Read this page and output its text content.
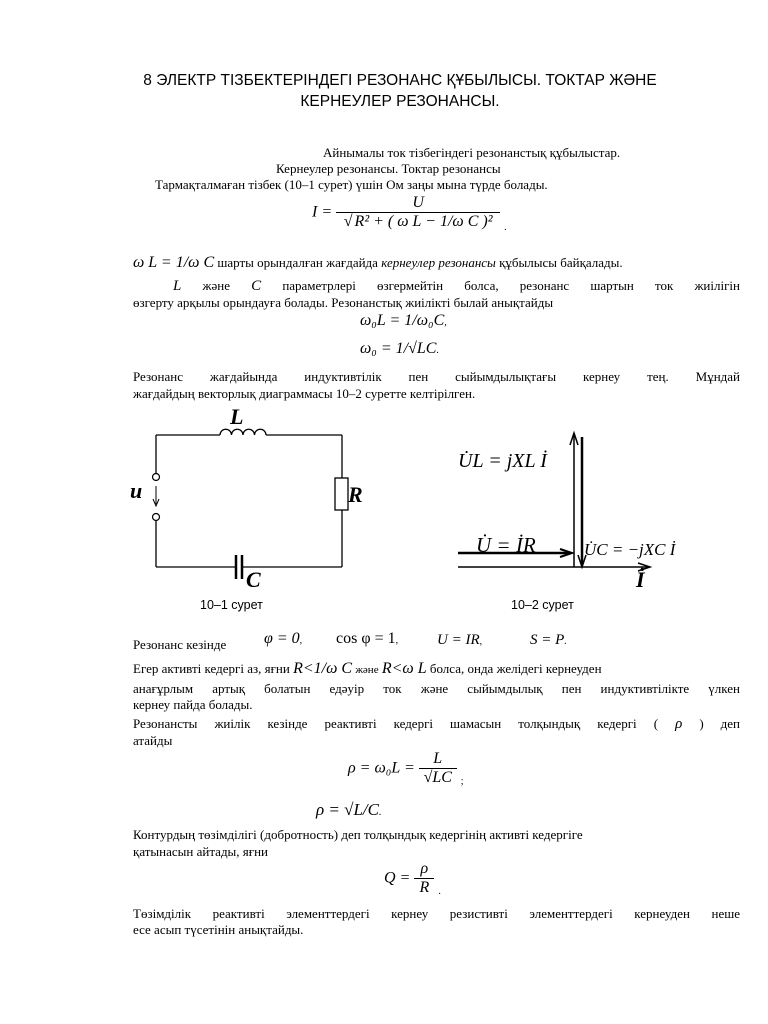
8 ЭЛЕКТР ТІЗБЕКТЕРІНДЕГІ РЕЗОНАНС ҚҰБЫЛЫСЫ. ТОКТАР ЖӘНЕ
КЕРНЕУЛЕР РЕЗОНАНСЫ.
Айнымалы ток тізбегіндегі резонанстық құбылыстар.
Кернеулер резонансы. Токтар резонансы
Тармақталмаған тізбек (10–1 сурет) үшін Ом заңы мына түрде болады.
$I = \frac{U}{\text{√ R² + ( ω L − 1/ω C )²}} _.$
ω L = 1/ω C шарты орындалған жағдайда кернеулер резонансы құбылысы байқалады.
L және C параметрлері өзгермейтін болса, резонанс шартын ток жиілігін
өзгерту арқылы орындауға болады. Резонанстық жиілікті былай анықтайды
ω₀L = 1/ω₀C,
ω₀ = 1/√LC.
Резонанс жағдайында индуктивтілік пен сыйымдылықтағы кернеу тең. Мұндай
жағдайдың векторлық диаграммасы 10–2 суретте келтірілген.
L
R
C
u
10–1 сурет
U̇L = jXL İ
U̇ = İR	U̇C = −jXC İ
İ
10–2 сурет
Резонанс кезінде φ = 0, cos φ = 1,	U = IR,	S = P.
Егер активті кедергі аз, яғни R<1/ω C және R<ω L болса, онда желідегі кернеуден
анағұрлым артық болатын едәуір ток және сыйымдылық пен индуктивтілікте үлкен
кернеу пайда болады.
Резонансты жиілік кезінде реактивті кедергі шамасын толқындық кедергі ( ρ ) деп
атайды
$\rho = \omega_0L = \frac{L}{√LC} _;$
ρ = √L/C.
Контурдың төзімділігі (добротность) деп толқындық кедергінің активті кедергіге
қатынасын айтады, яғни
$Q = \frac{\rho}{R} _.$
Төзімділік реактивті элементтердегі кернеу резистивті элементтердегі кернеуден неше
есе асып түсетінін анықтайды.
